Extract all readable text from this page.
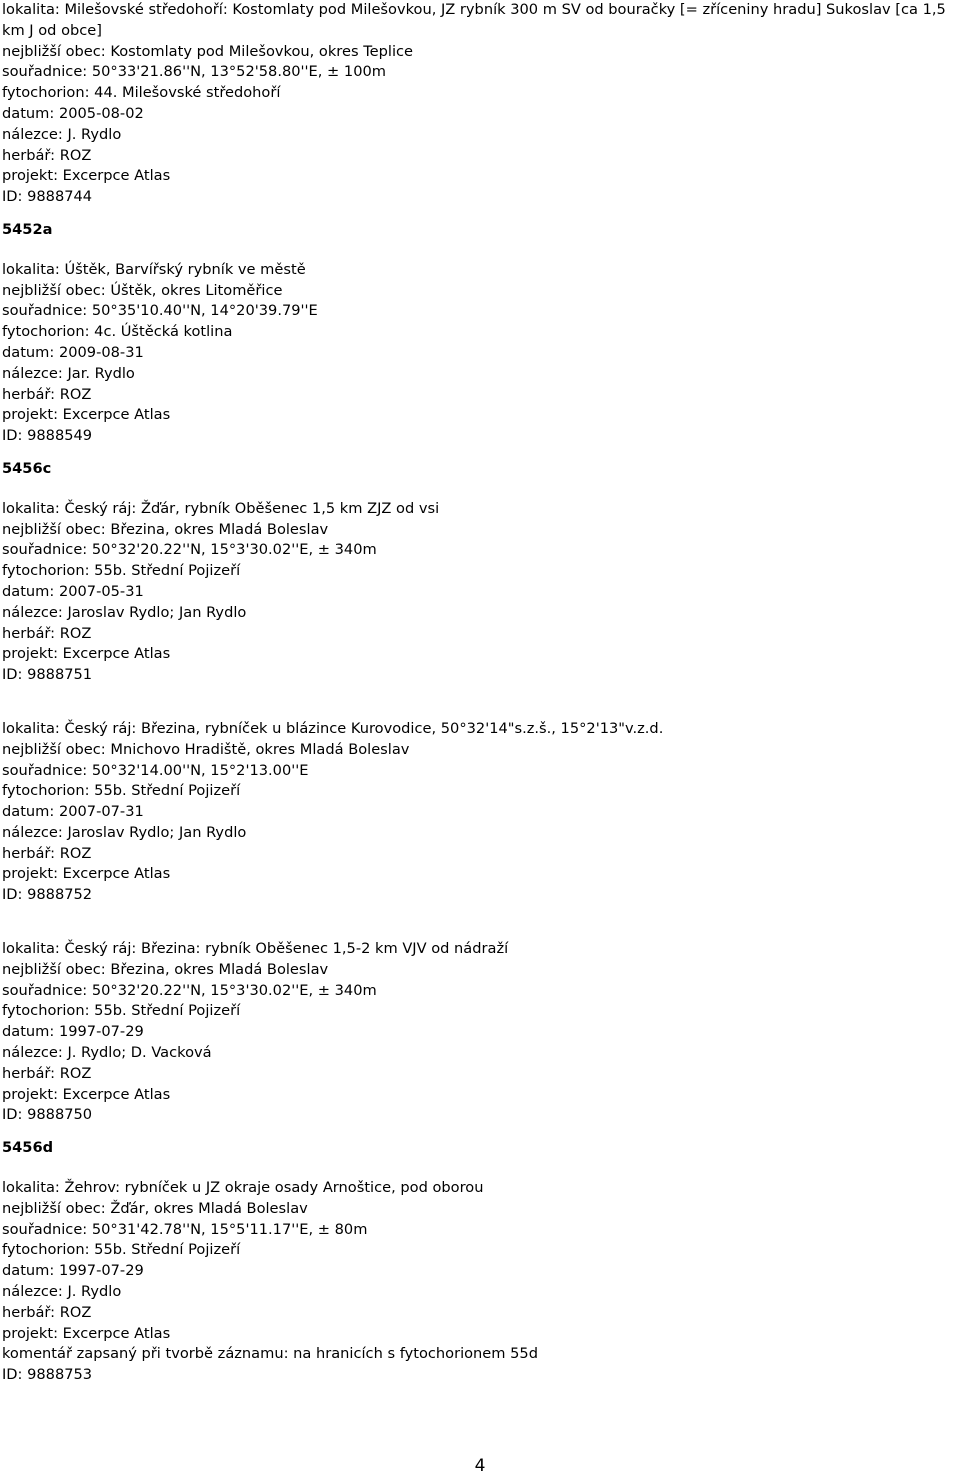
lokalita: Milešovské středohoří: Kostomlaty pod Milešovkou, JZ rybník 300 m SV od bouračky [= zříceniny hradu] Sukoslav [ca 1,5 km J od obce]
nejbližší obec: Kostomlaty pod Milešovkou, okres Teplice
souřadnice: 50°33'21.86''N, 13°52'58.80''E, ± 100m
fytochorion: 44. Milešovské středohoří
datum: 2005-08-02
nálezce: J. Rydlo
herbář: ROZ
projekt: Excerpce Atlas
ID: 9888744
5452a
lokalita: Úštěk, Barvířský rybník ve městě
nejbližší obec: Úštěk, okres Litoměřice
souřadnice: 50°35'10.40''N, 14°20'39.79''E
fytochorion: 4c. Úštěcká kotlina
datum: 2009-08-31
nálezce: Jar. Rydlo
herbář: ROZ
projekt: Excerpce Atlas
ID: 9888549
5456c
lokalita: Český ráj: Žďár, rybník Oběšenec 1,5 km ZJZ od vsi
nejbližší obec: Březina, okres Mladá Boleslav
souřadnice: 50°32'20.22''N, 15°3'30.02''E, ± 340m
fytochorion: 55b. Střední Pojizeří
datum: 2007-05-31
nálezce: Jaroslav Rydlo; Jan Rydlo
herbář: ROZ
projekt: Excerpce Atlas
ID: 9888751
lokalita: Český ráj: Březina, rybníček u blázince Kurovodice, 50°32'14"s.z.š., 15°2'13"v.z.d.
nejbližší obec: Mnichovo Hradiště, okres Mladá Boleslav
souřadnice: 50°32'14.00''N, 15°2'13.00''E
fytochorion: 55b. Střední Pojizeří
datum: 2007-07-31
nálezce: Jaroslav Rydlo; Jan Rydlo
herbář: ROZ
projekt: Excerpce Atlas
ID: 9888752
lokalita: Český ráj: Březina: rybník Oběšenec 1,5-2 km VJV od nádraží
nejbližší obec: Březina, okres Mladá Boleslav
souřadnice: 50°32'20.22''N, 15°3'30.02''E, ± 340m
fytochorion: 55b. Střední Pojizeří
datum: 1997-07-29
nálezce: J. Rydlo; D. Vacková
herbář: ROZ
projekt: Excerpce Atlas
ID: 9888750
5456d
lokalita: Žehrov: rybníček u JZ okraje osady Arnoštice, pod oborou
nejbližší obec: Žďár, okres Mladá Boleslav
souřadnice: 50°31'42.78''N, 15°5'11.17''E, ± 80m
fytochorion: 55b. Střední Pojizeří
datum: 1997-07-29
nálezce: J. Rydlo
herbář: ROZ
projekt: Excerpce Atlas
komentář zapsaný při tvorbě záznamu: na hranicích s fytochorionem 55d
ID: 9888753
4
